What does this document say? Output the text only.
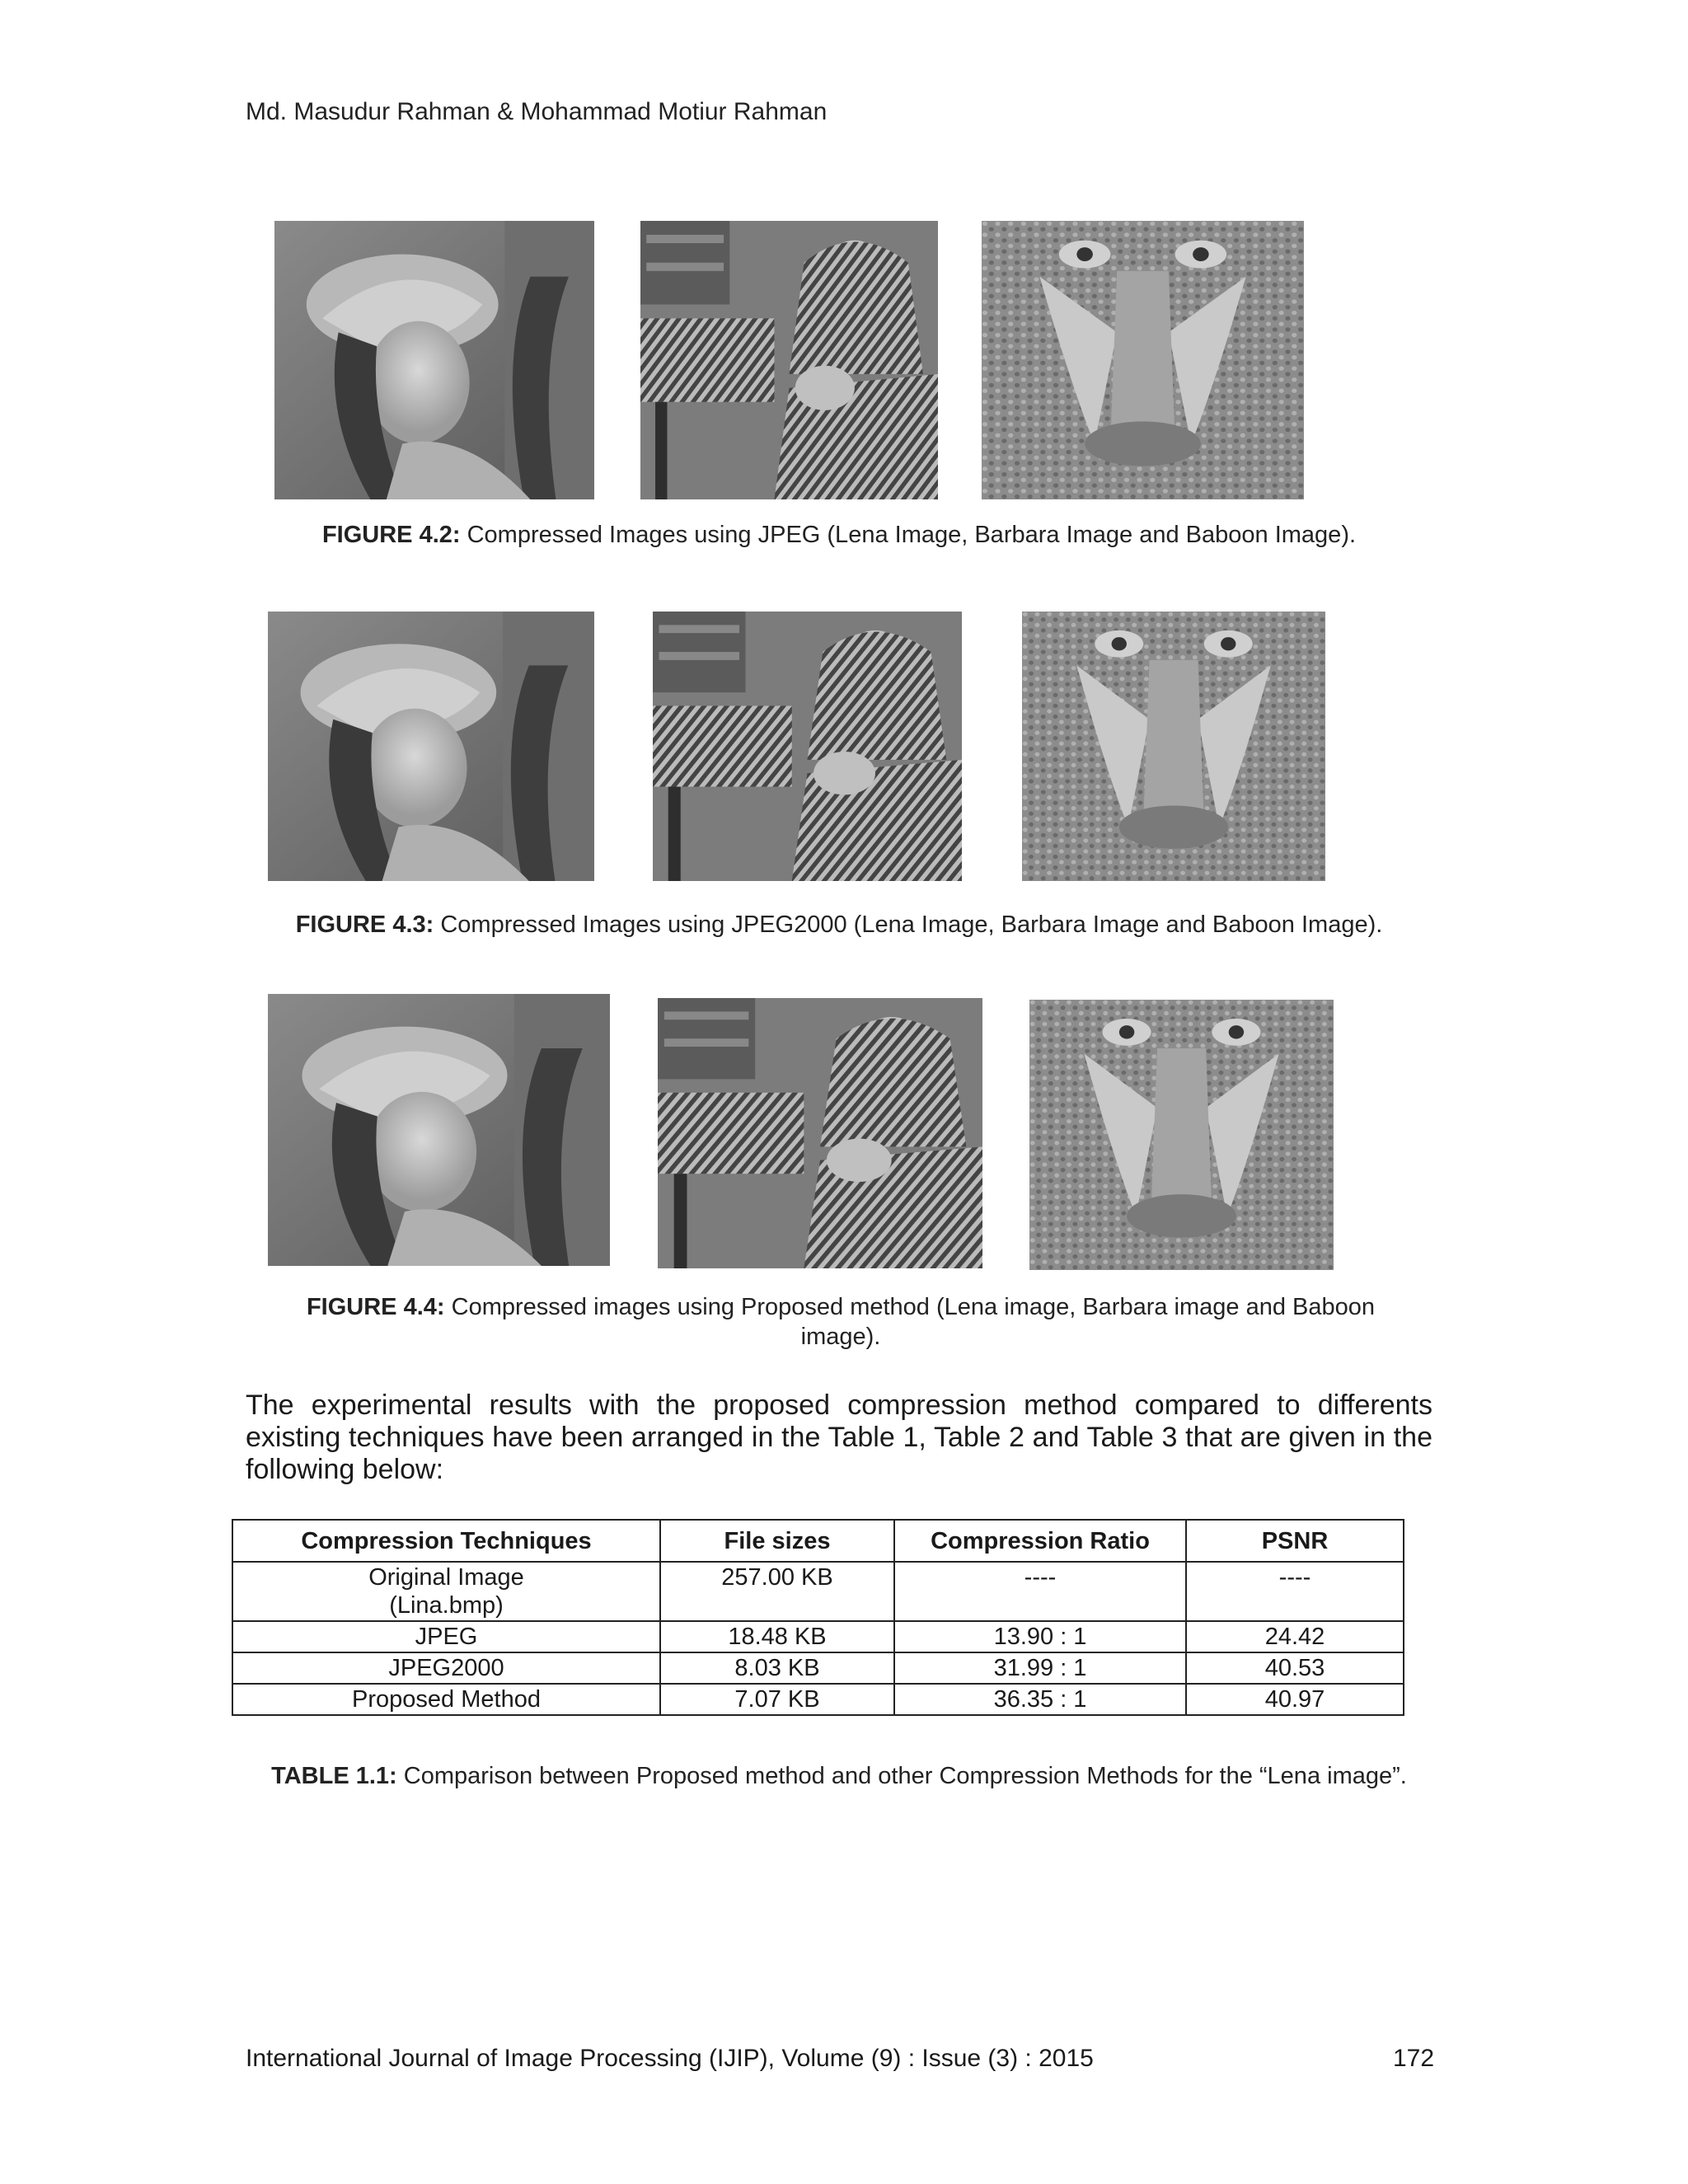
Md. Masudur Rahman & Mohammad Motiur Rahman
FIGURE 4.2: Compressed Images using JPEG (Lena Image, Barbara Image and Baboon Image).
FIGURE 4.3: Compressed Images using JPEG2000 (Lena Image, Barbara Image and Baboon Image).
FIGURE 4.4: Compressed images using Proposed method (Lena image, Barbara image and Baboon image).
The experimental results with the proposed compression method compared to differents existing techniques have been arranged in the Table 1, Table 2 and Table 3 that are given in the following below:
Compression Techniques	File sizes	Compression Ratio	PSNR
Original Image (Lina.bmp)	257.00 KB	----	----
JPEG	18.48 KB	13.90 : 1	24.42
JPEG2000	8.03 KB	31.99 : 1	40.53
Proposed Method	7.07 KB	36.35 : 1	40.97
TABLE 1.1: Comparison between Proposed method and other Compression Methods for the “Lena image”.
International Journal of Image Processing (IJIP), Volume (9) : Issue (3) : 2015	172
